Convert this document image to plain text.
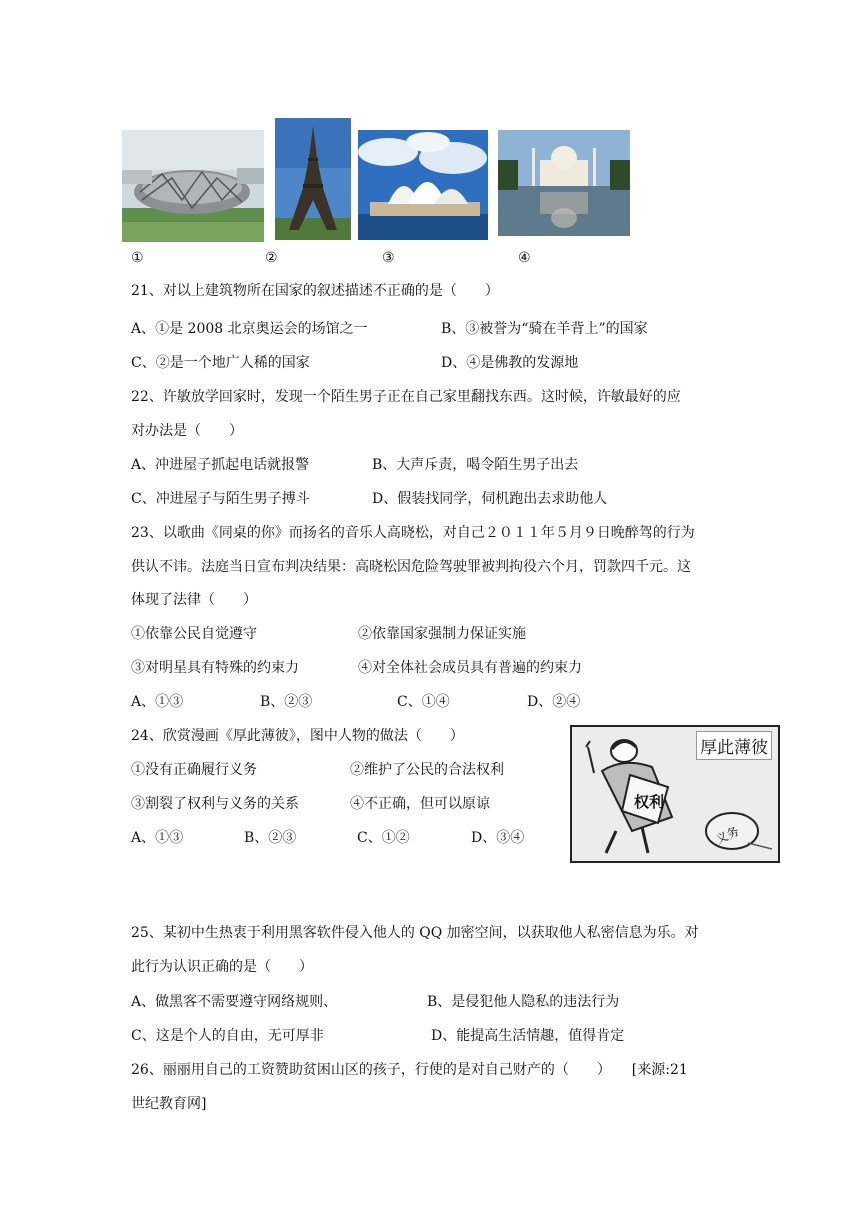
①	②	③	④
21、对以上建筑物所在国家的叙述描述不正确的是（　　）
A、①是 2008 北京奥运会的场馆之一	B、③被誉为“骑在羊背上”的国家
C、②是一个地广人稀的国家	D、④是佛教的发源地
22、许敏放学回家时，发现一个陌生男子正在自己家里翻找东西。这时候，许敏最好的应
对办法是（　　）
A、冲进屋子抓起电话就报警	B、大声斥责，喝令陌生男子出去
C、冲进屋子与陌生男子搏斗	D、假装找同学，伺机跑出去求助他人
23、以歌曲《同桌的你》而扬名的音乐人高晓松，对自己２０１１年５月９日晚醉驾的行为
供认不讳。法庭当日宣布判决结果：高晓松因危险驾驶罪被判拘役六个月，罚款四千元。这
体现了法律（　　）
①依靠公民自觉遵守	②依靠国家强制力保证实施
③对明星具有特殊的约束力	④对全体社会成员具有普遍的约束力
A、①③	B、②③	C、①④	D、②④
24、欣赏漫画《厚此薄彼》，图中人物的做法（　　）
①没有正确履行义务	②维护了公民的合法权利
③割裂了权利与义务的关系	④不正确，但可以原谅
A、①③	B、②③	C、①②	D、③④
权利
义务
厚此薄彼
25、某初中生热衷于利用黑客软件侵入他人的 QQ 加密空间，以获取他人私密信息为乐。对
此行为认识正确的是（　　）
A、做黑客不需要遵守网络规则、	B、是侵犯他人隐私的违法行为
C、这是个人的自由，无可厚非	D、能提高生活情趣，值得肯定
26、丽丽用自己的工资赞助贫困山区的孩子，行使的是对自己财产的（　　）　　[来源:21
世纪教育网]
